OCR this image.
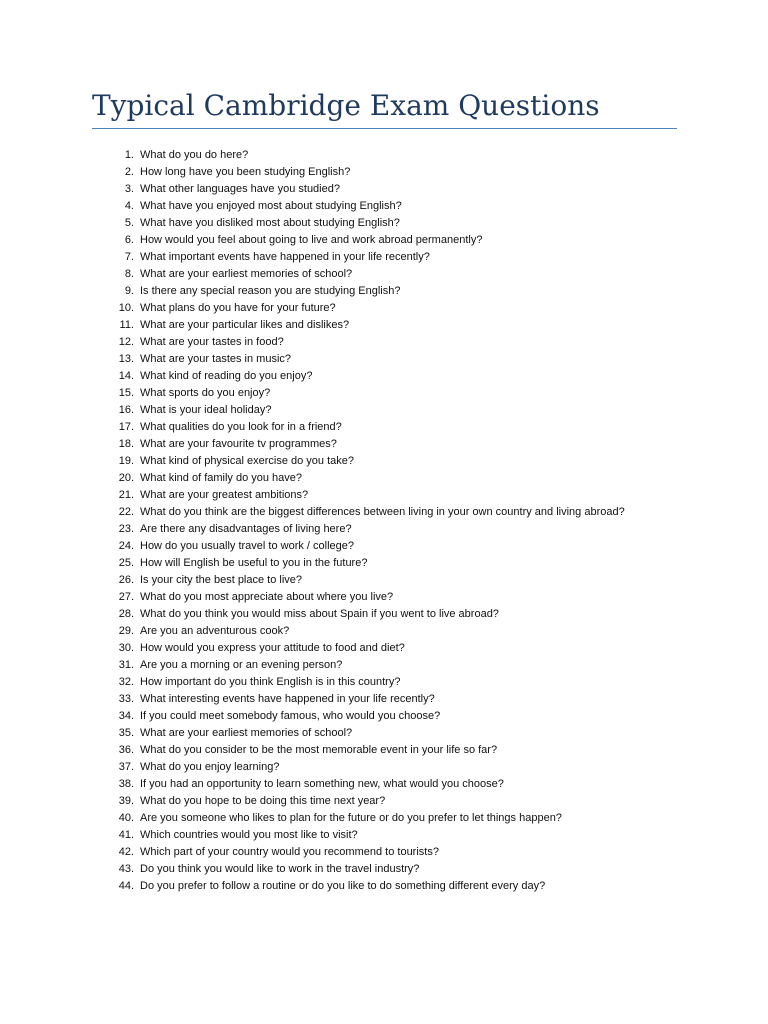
Typical Cambridge Exam Questions
1. What do you do here?
2. How long have you been studying English?
3. What other languages have you studied?
4. What have you enjoyed most about studying English?
5. What have you disliked most about studying English?
6. How would you feel about going to live and work abroad permanently?
7. What important events have happened in your life recently?
8. What are your earliest memories of school?
9. Is there any special reason you are studying English?
10. What plans do you have for your future?
11. What are your particular likes and dislikes?
12. What are your tastes in food?
13. What are your tastes in music?
14. What kind of reading do you enjoy?
15. What sports do you enjoy?
16. What is your ideal holiday?
17. What qualities do you look for in a friend?
18. What are your favourite tv programmes?
19. What kind of physical exercise do you take?
20. What kind of family do you have?
21. What are your greatest ambitions?
22. What do you think are the biggest differences between living in your own country and living abroad?
23. Are there any disadvantages of living here?
24. How do you usually travel to work / college?
25. How will English be useful to you in the future?
26. Is your city the best place to live?
27. What do you most appreciate about where you live?
28. What do you think you would miss about Spain if you went to live abroad?
29. Are you an adventurous cook?
30. How would you express your attitude to food and diet?
31. Are you a morning or an evening person?
32. How important do you think English is in this country?
33. What interesting events have happened in your life recently?
34. If you could meet somebody famous, who would you choose?
35. What are your earliest memories of school?
36. What do you consider to be the most memorable event in your life so far?
37. What do you enjoy learning?
38. If you had an opportunity to learn something new, what would you choose?
39. What do you hope to be doing this time next year?
40. Are you someone who likes to plan for the future or do you prefer to let things happen?
41. Which countries would you most like to visit?
42. Which part of your country would you recommend to tourists?
43. Do you think you would like to work in the travel industry?
44. Do you prefer to follow a routine or do you like to do something different every day?
